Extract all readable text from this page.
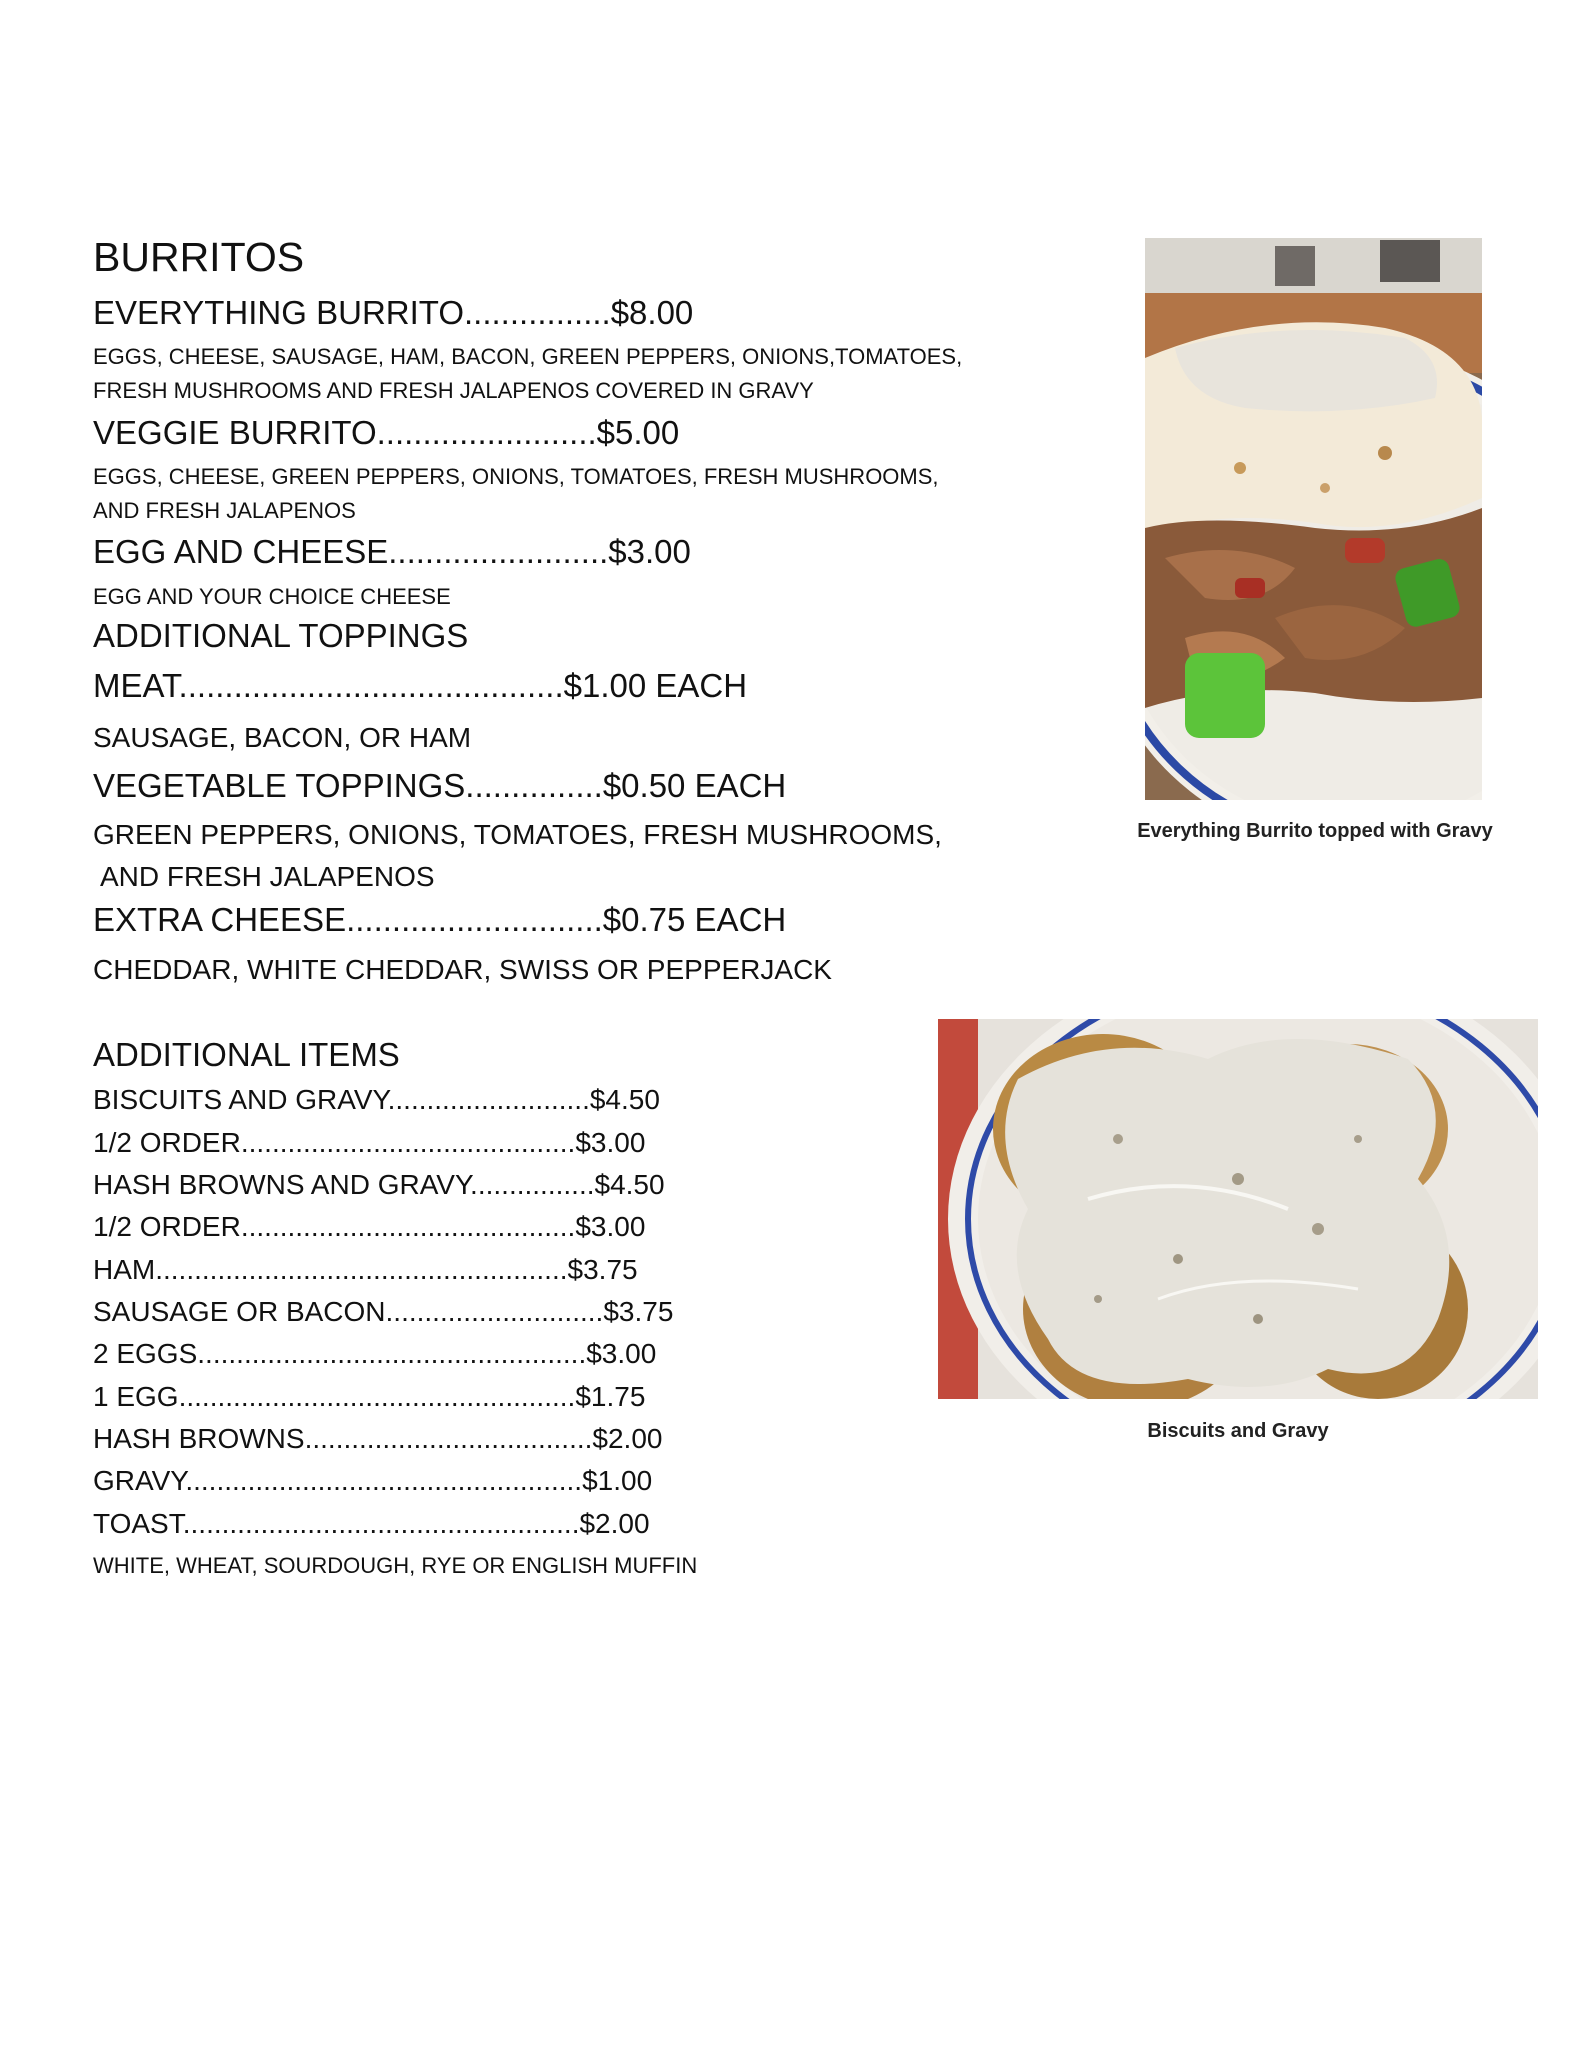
BURRITOS
EVERYTHING BURRITO................$8.00
EGGS, CHEESE, SAUSAGE, HAM, BACON, GREEN PEPPERS, ONIONS,TOMATOES,
FRESH MUSHROOMS AND FRESH JALAPENOS COVERED IN GRAVY
VEGGIE BURRITO........................$5.00
EGGS, CHEESE, GREEN PEPPERS, ONIONS, TOMATOES, FRESH MUSHROOMS,
AND FRESH JALAPENOS
EGG AND CHEESE........................$3.00
EGG AND YOUR CHOICE CHEESE
ADDITIONAL TOPPINGS
MEAT..........................................$1.00 EACH
SAUSAGE, BACON, OR HAM
VEGETABLE TOPPINGS...............$0.50 EACH
GREEN PEPPERS, ONIONS, TOMATOES, FRESH MUSHROOMS,
AND FRESH JALAPENOS
EXTRA CHEESE............................$0.75 EACH
CHEDDAR, WHITE CHEDDAR, SWISS OR PEPPERJACK
ADDITIONAL ITEMS
BISCUITS AND GRAVY..........................$4.50
1/2 ORDER...........................................$3.00
HASH BROWNS AND GRAVY................$4.50
1/2 ORDER...........................................$3.00
HAM.....................................................$3.75
SAUSAGE OR BACON............................$3.75
2 EGGS..................................................$3.00
1 EGG...................................................$1.75
HASH BROWNS.....................................$2.00
GRAVY...................................................$1.00
TOAST...................................................$2.00
WHITE, WHEAT, SOURDOUGH, RYE OR ENGLISH MUFFIN
Everything Burrito topped with Gravy
Biscuits and Gravy
